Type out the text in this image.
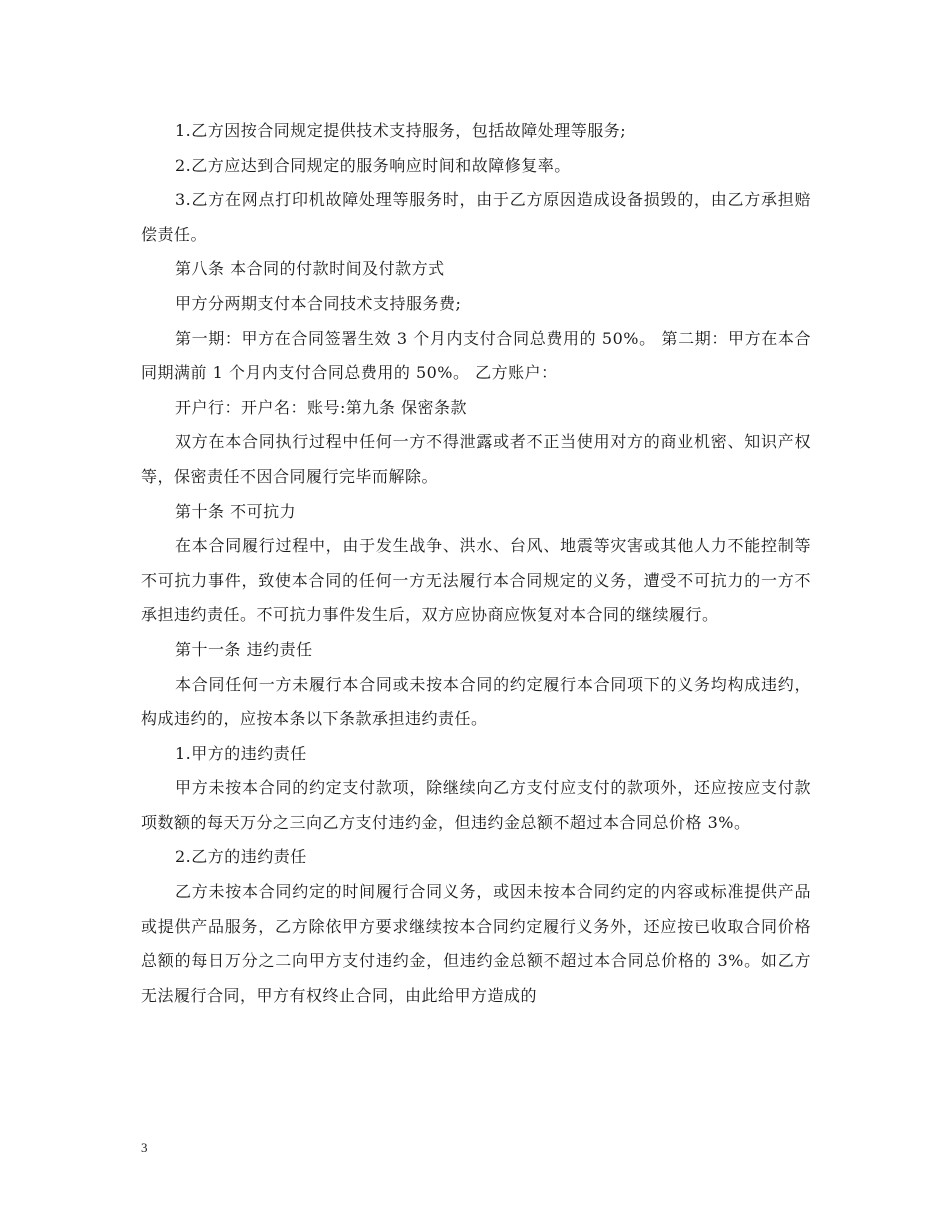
1.乙方因按合同规定提供技术支持服务，包括故障处理等服务;

2.乙方应达到合同规定的服务响应时间和故障修复率。

3.乙方在网点打印机故障处理等服务时，由于乙方原因造成设备损毁的，由乙方承担赔偿责任。

第八条 本合同的付款时间及付款方式

甲方分两期支付本合同技术支持服务费;

第一期：甲方在合同签署生效 3 个月内支付合同总费用的 50%。 第二期：甲方在本合同期满前 1 个月内支付合同总费用的 50%。 乙方账户：

开户行：开户名：账号:第九条 保密条款

双方在本合同执行过程中任何一方不得泄露或者不正当使用对方的商业机密、知识产权等，保密责任不因合同履行完毕而解除。

第十条 不可抗力

在本合同履行过程中，由于发生战争、洪水、台风、地震等灾害或其他人力不能控制等不可抗力事件，致使本合同的任何一方无法履行本合同规定的义务，遭受不可抗力的一方不承担违约责任。不可抗力事件发生后，双方应协商应恢复对本合同的继续履行。

第十一条 违约责任

本合同任何一方未履行本合同或未按本合同的约定履行本合同项下的义务均构成违约，构成违约的，应按本条以下条款承担违约责任。

1.甲方的违约责任

甲方未按本合同的约定支付款项，除继续向乙方支付应支付的款项外，还应按应支付款项数额的每天万分之三向乙方支付违约金，但违约金总额不超过本合同总价格 3%。

2.乙方的违约责任

乙方未按本合同约定的时间履行合同义务，或因未按本合同约定的内容或标准提供产品或提供产品服务，乙方除依甲方要求继续按本合同约定履行义务外，还应按已收取合同价格总额的每日万分之二向甲方支付违约金，但违约金总额不超过本合同总价格的 3%。如乙方无法履行合同，甲方有权终止合同，由此给甲方造成的

3
